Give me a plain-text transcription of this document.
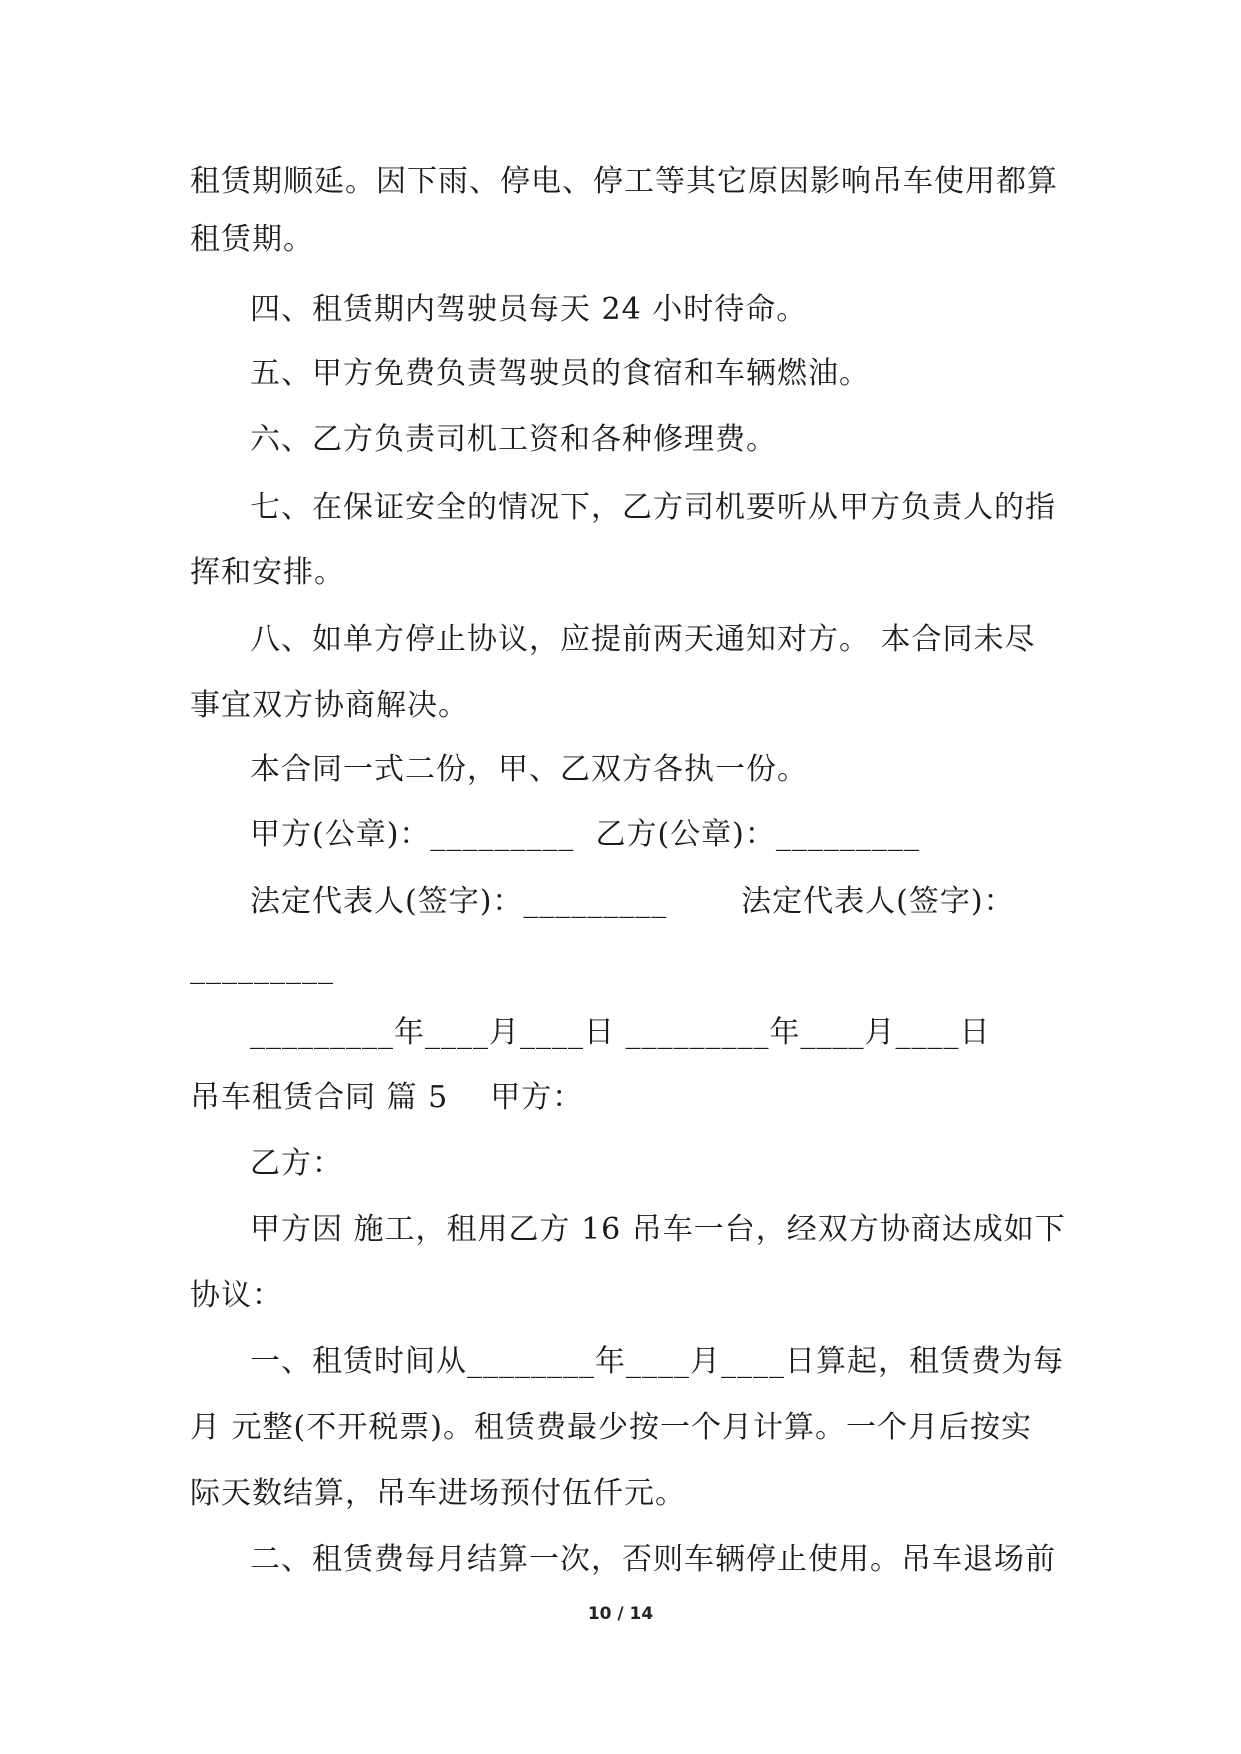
租赁期顺延。因下雨、停电、停工等其它原因影响吊车使用都算
租赁期。
四、租赁期内驾驶员每天 24 小时待命。
五、甲方免费负责驾驶员的食宿和车辆燃油。
六、乙方负责司机工资和各种修理费。
七、在保证安全的情况下，乙方司机要听从甲方负责人的指
挥和安排。
八、如单方停止协议，应提前两天通知对方。 本合同未尽
事宜双方协商解决。
本合同一式二份，甲、乙双方各执一份。
甲方(公章)：_________  乙方(公章)：_________
法定代表人(签字)：_________       法定代表人(签字)：
_________
_________年____月____日 _________年____月____日
吊车租赁合同 篇 5    甲方：
乙方：
甲方因 施工，租用乙方 16 吊车一台，经双方协商达成如下
协议：
一、租赁时间从________年____月____日算起，租赁费为每
月 元整(不开税票)。租赁费最少按一个月计算。一个月后按实
际天数结算，吊车进场预付伍仟元。
二、租赁费每月结算一次，否则车辆停止使用。吊车退场前
10 / 14
